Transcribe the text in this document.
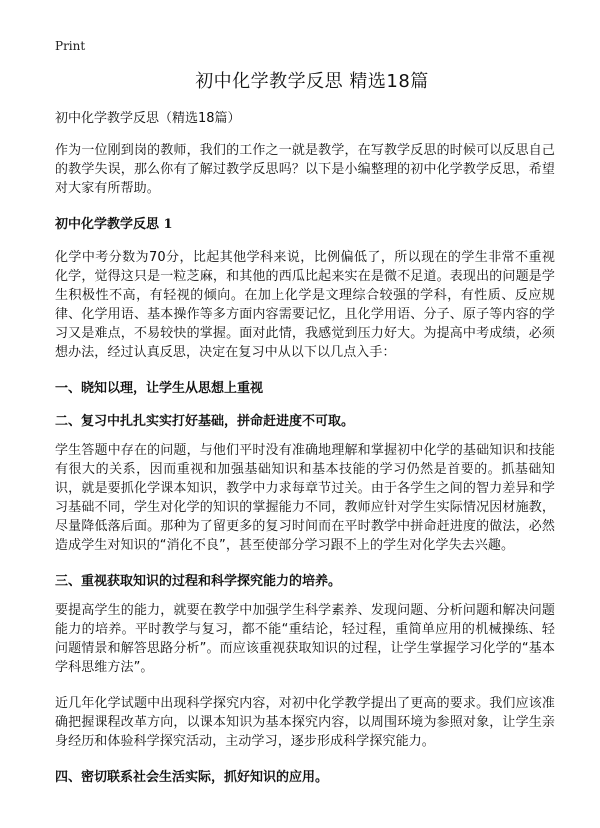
Print
初中化学教学反思 精选18篇

初中化学教学反思（精选18篇）

作为一位刚到岗的教师，我们的工作之一就是教学，在写教学反思的时候可以反思自己的教学失误，那么你有了解过教学反思吗？以下是小编整理的初中化学教学反思，希望对大家有所帮助。

初中化学教学反思 1

化学中考分数为70分，比起其他学科来说，比例偏低了，所以现在的学生非常不重视化学，觉得这只是一粒芝麻，和其他的西瓜比起来实在是微不足道。表现出的问题是学生积极性不高，有轻视的倾向。在加上化学是文理综合较强的学科，有性质、反应规律、化学用语、基本操作等多方面内容需要记忆，且化学用语、分子、原子等内容的学习又是难点，不易较快的掌握。面对此情，我感觉到压力好大。为提高中考成绩，必须想办法，经过认真反思，决定在复习中从以下以几点入手：

一、晓知以理，让学生从思想上重视

二、复习中扎扎实实打好基础，拼命赶进度不可取。

学生答题中存在的问题，与他们平时没有准确地理解和掌握初中化学的基础知识和技能有很大的关系，因而重视和加强基础知识和基本技能的学习仍然是首要的。抓基础知识，就是要抓化学课本知识，教学中力求每章节过关。由于各学生之间的智力差异和学习基础不同，学生对化学的知识的掌握能力不同，教师应针对学生实际情况因材施教，尽量降低落后面。那种为了留更多的复习时间而在平时教学中拼命赶进度的做法，必然造成学生对知识的“消化不良”，甚至使部分学习跟不上的学生对化学失去兴趣。

三、重视获取知识的过程和科学探究能力的培养。

要提高学生的能力，就要在教学中加强学生科学素养、发现问题、分析问题和解决问题能力的培养。平时教学与复习，都不能“重结论，轻过程，重简单应用的机械操练、轻问题情景和解答思路分析”。而应该重视获取知识的过程，让学生掌握学习化学的“基本学科思维方法”。

近几年化学试题中出现科学探究内容，对初中化学教学提出了更高的要求。我们应该准确把握课程改革方向，以课本知识为基本探究内容，以周围环境为参照对象，让学生亲身经历和体验科学探究活动，主动学习，逐步形成科学探究能力。

四、密切联系社会生活实际，抓好知识的应用。
